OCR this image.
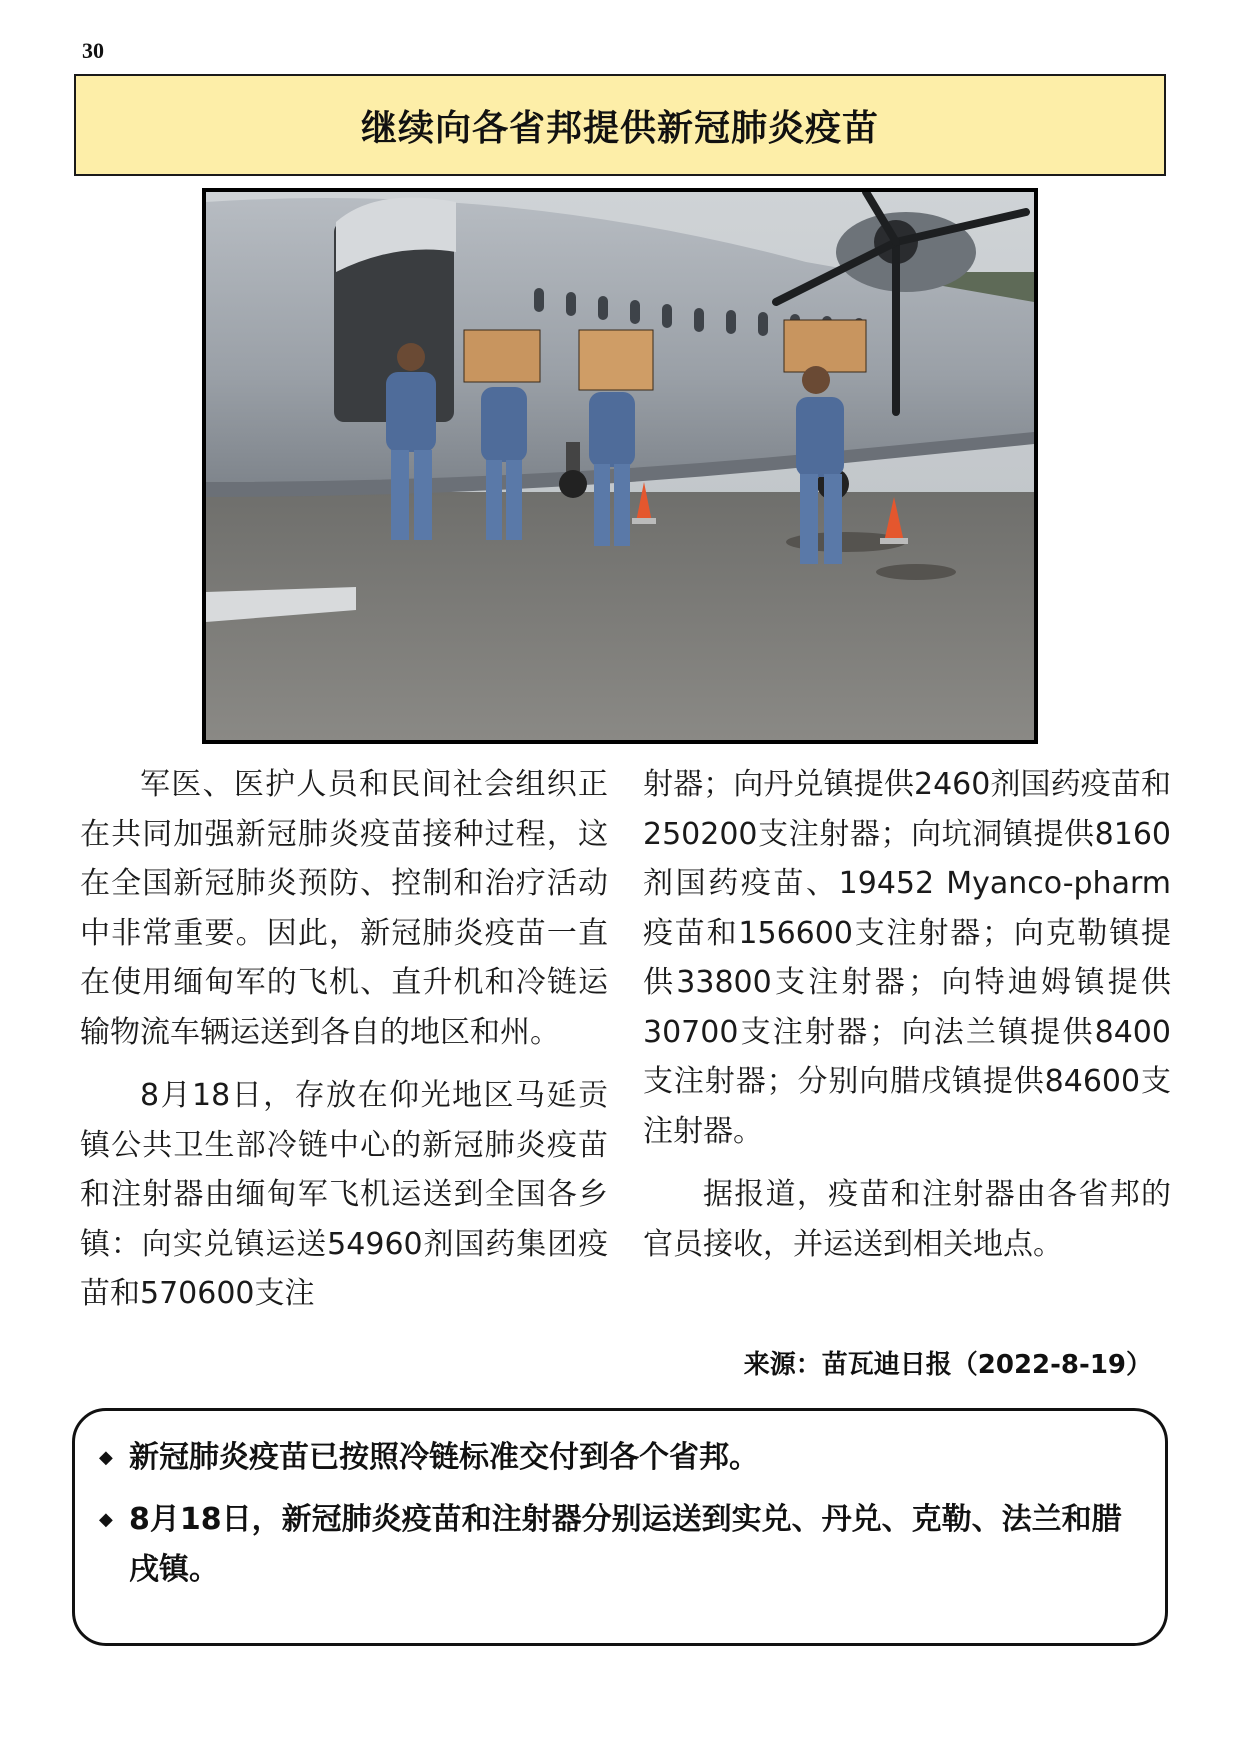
30
继续向各省邦提供新冠肺炎疫苗

军医、医护人员和民间社会组织正在共同加强新冠肺炎疫苗接种过程，这在全国新冠肺炎预防、控制和治疗活动中非常重要。因此，新冠肺炎疫苗一直在使用缅甸军的飞机、直升机和冷链运输物流车辆运送到各自的地区和州。

8月18日，存放在仰光地区马延贡镇公共卫生部冷链中心的新冠肺炎疫苗和注射器由缅甸军飞机运送到全国各乡镇：向实兑镇运送54960剂国药集团疫苗和570600支注

射器；向丹兑镇提供2460剂国药疫苗和250200支注射器；向坑洞镇提供8160剂国药疫苗、19452 Myanco-pharm疫苗和156600支注射器；向克勒镇提供33800支注射器；向特迪姆镇提供30700支注射器；向法兰镇提供8400支注射器；分别向腊戌镇提供84600支注射器。

据报道，疫苗和注射器由各省邦的官员接收，并运送到相关地点。

来源：苗瓦迪日报（2022-8-19）
◆ 新冠肺炎疫苗已按照冷链标准交付到各个省邦。
◆ 8月18日，新冠肺炎疫苗和注射器分别运送到实兑、丹兑、克勒、法兰和腊戌镇。
